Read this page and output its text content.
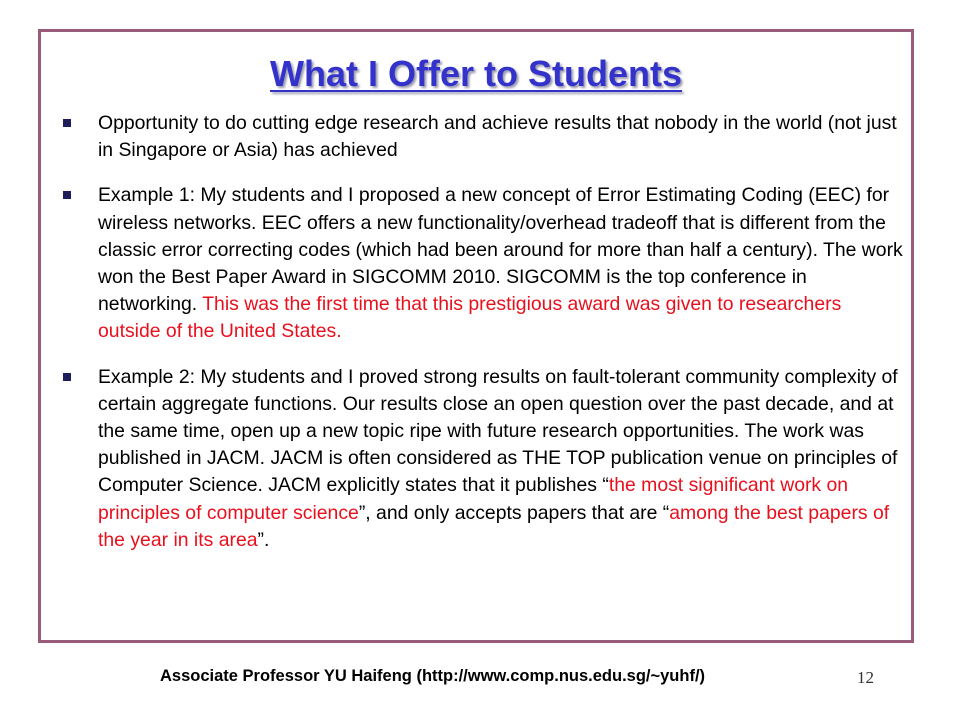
What I Offer to Students
Opportunity to do cutting edge research and achieve results that nobody in the world (not just in Singapore or Asia) has achieved
Example 1: My students and I proposed a new concept of Error Estimating Coding (EEC) for wireless networks. EEC offers a new functionality/overhead tradeoff that is different from the classic error correcting codes (which had been around for more than half a century). The work won the Best Paper Award in SIGCOMM 2010. SIGCOMM is the top conference in networking. This was the first time that this prestigious award was given to researchers outside of the United States.
Example 2: My students and I proved strong results on fault-tolerant community complexity of certain aggregate functions. Our results close an open question over the past decade, and at the same time, open up a new topic ripe with future research opportunities. The work was published in JACM. JACM is often considered as THE TOP publication venue on principles of Computer Science. JACM explicitly states that it publishes “the most significant work on principles of computer science”, and only accepts papers that are “among the best papers of the year in its area”.
Associate Professor YU Haifeng (http://www.comp.nus.edu.sg/~yuhf/)	12
